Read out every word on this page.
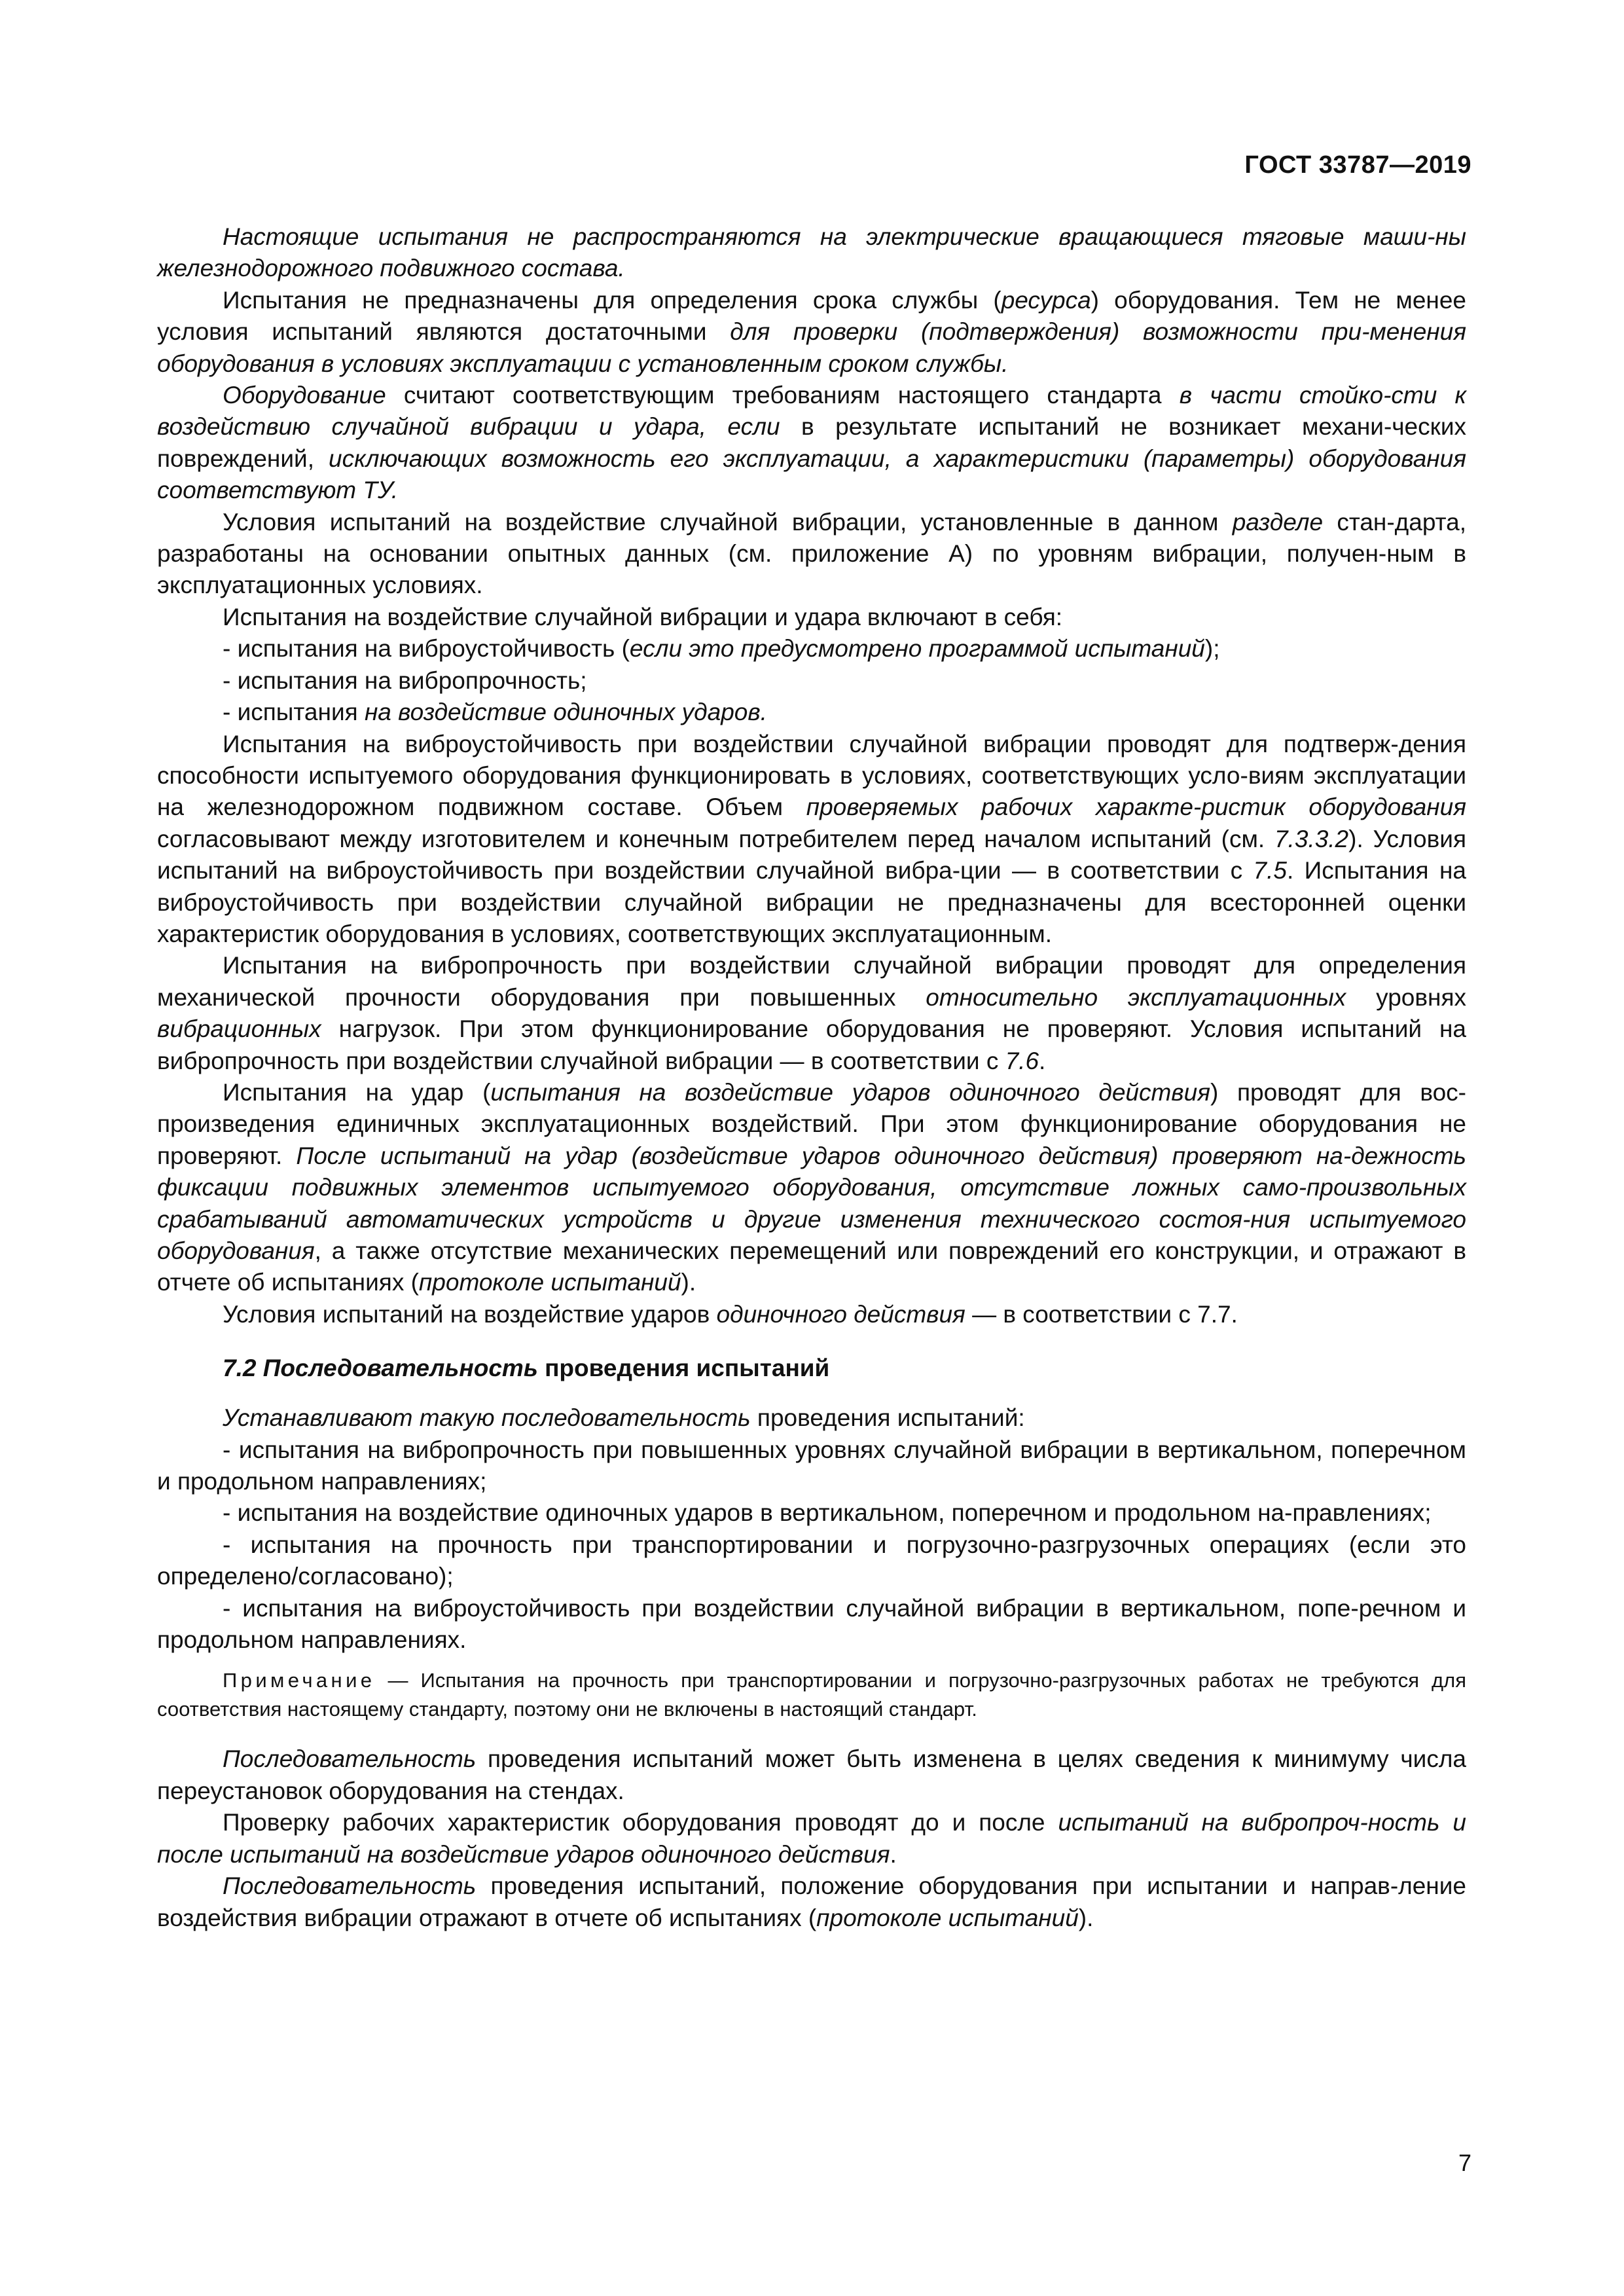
ГОСТ 33787—2019

Настоящие испытания не распространяются на электрические вращающиеся тяговые маши-ны железнодорожного подвижного состава.

Испытания не предназначены для определения срока службы (ресурса) оборудования. Тем не менее условия испытаний являются достаточными для проверки (подтверждения) возможности при-менения оборудования в условиях эксплуатации с установленным сроком службы.

Оборудование считают соответствующим требованиям настоящего стандарта в части стойко-сти к воздействию случайной вибрации и удара, если в результате испытаний не возникает механи-ческих повреждений, исключающих возможность его эксплуатации, а характеристики (параметры) оборудования соответствуют ТУ.

Условия испытаний на воздействие случайной вибрации, установленные в данном разделе стан-дарта, разработаны на основании опытных данных (см. приложение А) по уровням вибрации, получен-ным в эксплуатационных условиях.

Испытания на воздействие случайной вибрации и удара включают в себя:

- испытания на виброустойчивость (если это предусмотрено программой испытаний);

- испытания на вибропрочность;

- испытания на воздействие одиночных ударов.

Испытания на виброустойчивость при воздействии случайной вибрации проводят для подтверж-дения способности испытуемого оборудования функционировать в условиях, соответствующих усло-виям эксплуатации на железнодорожном подвижном составе. Объем проверяемых рабочих характе-ристик оборудования согласовывают между изготовителем и конечным потребителем перед началом испытаний (см. 7.3.3.2). Условия испытаний на виброустойчивость при воздействии случайной вибра-ции — в соответствии с 7.5. Испытания на виброустойчивость при воздействии случайной вибрации не предназначены для всесторонней оценки характеристик оборудования в условиях, соответствующих эксплуатационным.

Испытания на вибропрочность при воздействии случайной вибрации проводят для определения механической прочности оборудования при повышенных относительно эксплуатационных уровнях вибрационных нагрузок. При этом функционирование оборудования не проверяют. Условия испытаний на вибропрочность при воздействии случайной вибрации — в соответствии с 7.6.

Испытания на удар (испытания на воздействие ударов одиночного действия) проводят для вос-произведения единичных эксплуатационных воздействий. При этом функционирование оборудования не проверяют. После испытаний на удар (воздействие ударов одиночного действия) проверяют на-дежность фиксации подвижных элементов испытуемого оборудования, отсутствие ложных само-произвольных срабатываний автоматических устройств и другие изменения технического состоя-ния испытуемого оборудования, а также отсутствие механических перемещений или повреждений его конструкции, и отражают в отчете об испытаниях (протоколе испытаний).

Условия испытаний на воздействие ударов одиночного действия — в соответствии с 7.7.

7.2 Последовательность проведения испытаний

Устанавливают такую последовательность проведения испытаний:

- испытания на вибропрочность при повышенных уровнях случайной вибрации в вертикальном, поперечном и продольном направлениях;

- испытания на воздействие одиночных ударов в вертикальном, поперечном и продольном на-правлениях;

- испытания на прочность при транспортировании и погрузочно-разгрузочных операциях (если это определено/согласовано);

- испытания на виброустойчивость при воздействии случайной вибрации в вертикальном, попе-речном и продольном направлениях.

Примечание — Испытания на прочность при транспортировании и погрузочно-разгрузочных работах не требуются для соответствия настоящему стандарту, поэтому они не включены в настоящий стандарт.

Последовательность проведения испытаний может быть изменена в целях сведения к минимуму числа переустановок оборудования на стендах.

Проверку рабочих характеристик оборудования проводят до и после испытаний на вибропроч-ность и после испытаний на воздействие ударов одиночного действия.

Последовательность проведения испытаний, положение оборудования при испытании и направ-ление воздействия вибрации отражают в отчете об испытаниях (протоколе испытаний).

7
